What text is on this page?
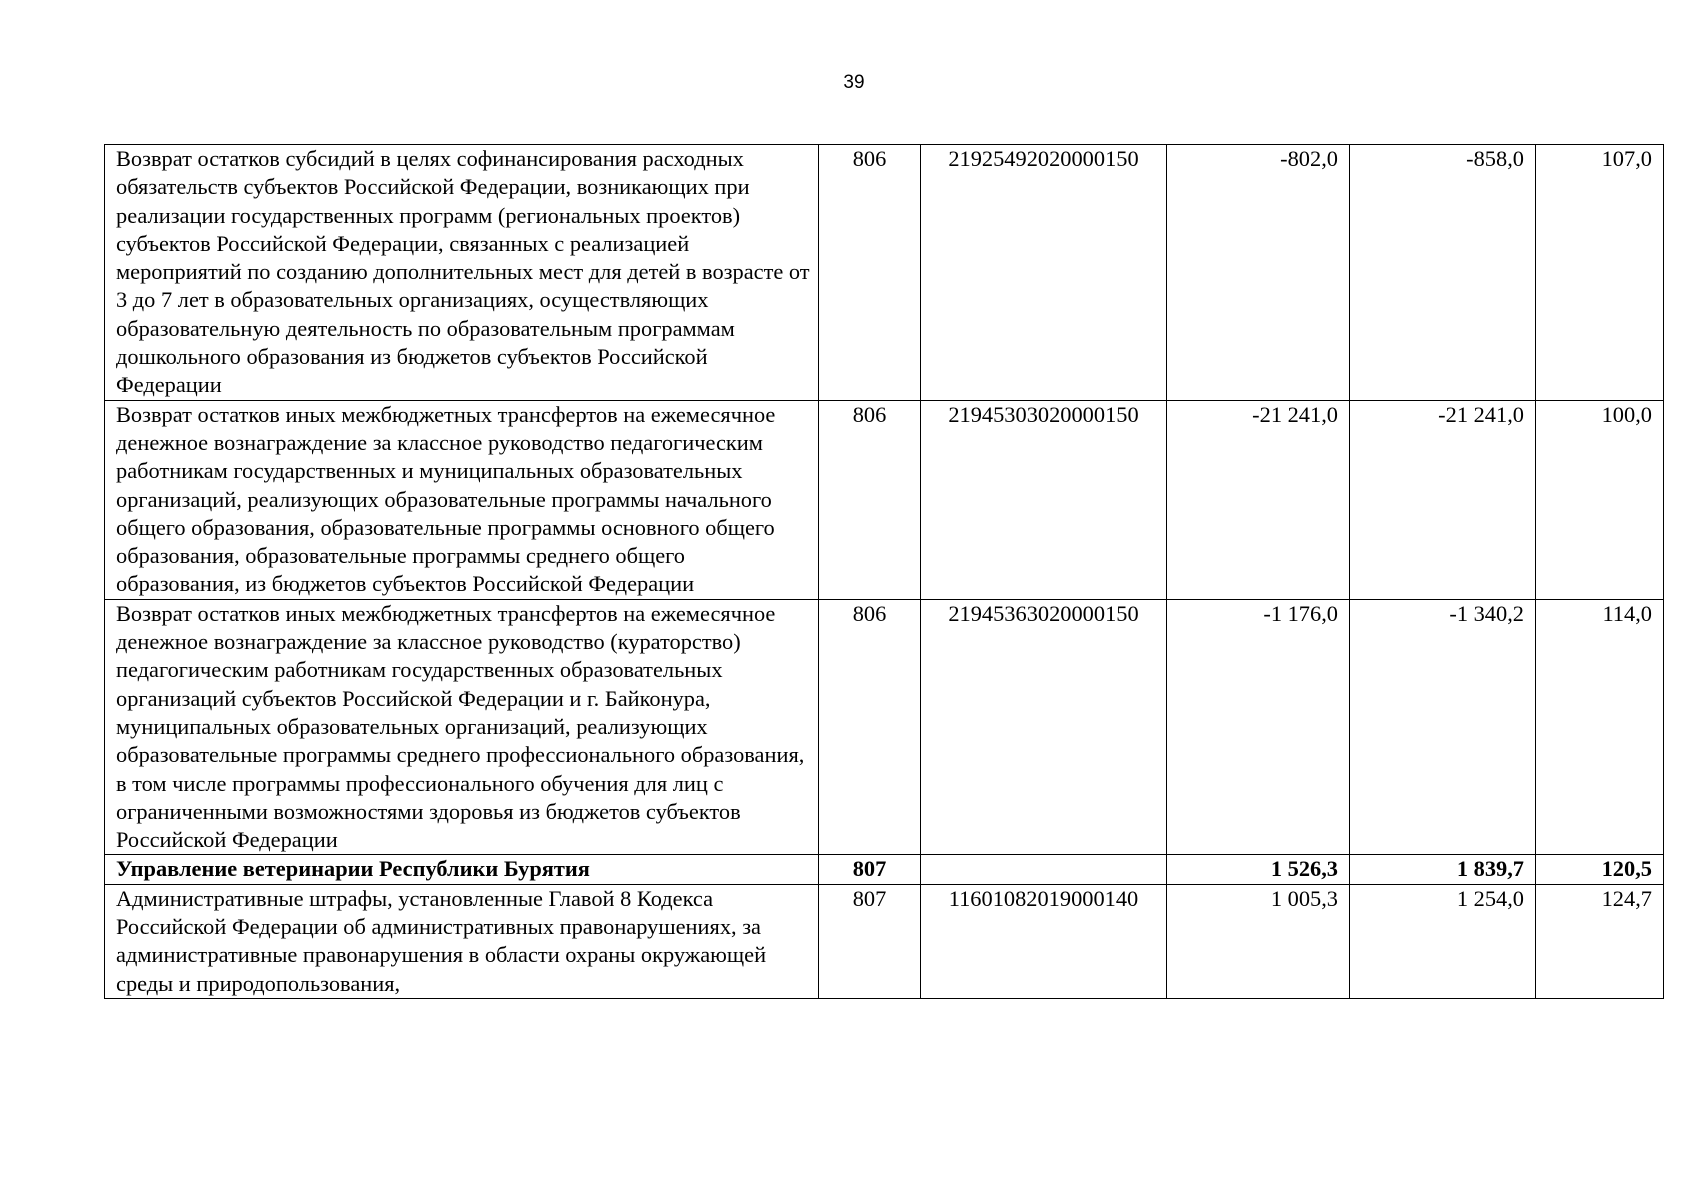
39
Возврат остатков субсидий в целях софинансирования расходных обязательств субъектов Российской Федерации, возникающих при реализации государственных программ (региональных проектов) субъектов Российской Федерации, связанных с реализацией мероприятий по созданию дополнительных мест для детей в возрасте от 3 до 7 лет в образовательных организациях, осуществляющих образовательную деятельность по образовательным программам дошкольного образования из бюджетов субъектов Российской Федерации	806	21925492020000150	-802,0	-858,0	107,0
Возврат остатков иных межбюджетных трансфертов на ежемесячное денежное вознаграждение за классное руководство педагогическим работникам государственных и муниципальных образовательных организаций, реализующих образовательные программы начального общего образования, образовательные программы основного общего образования, образовательные программы среднего общего образования, из бюджетов субъектов Российской Федерации	806	21945303020000150	-21 241,0	-21 241,0	100,0
Возврат остатков иных межбюджетных трансфертов на ежемесячное денежное вознаграждение за классное руководство (кураторство) педагогическим работникам государственных образовательных организаций субъектов Российской Федерации и г. Байконура, муниципальных образовательных организаций, реализующих образовательные программы среднего профессионального образования, в том числе программы профессионального обучения для лиц с ограниченными возможностями здоровья из бюджетов субъектов Российской Федерации	806	21945363020000150	-1 176,0	-1 340,2	114,0
Управление ветеринарии Республики Бурятия	807		1 526,3	1 839,7	120,5
Административные штрафы, установленные Главой 8 Кодекса Российской Федерации об административных правонарушениях, за административные правонарушения в области охраны окружающей среды и природопользования,	807	11601082019000140	1 005,3	1 254,0	124,7
